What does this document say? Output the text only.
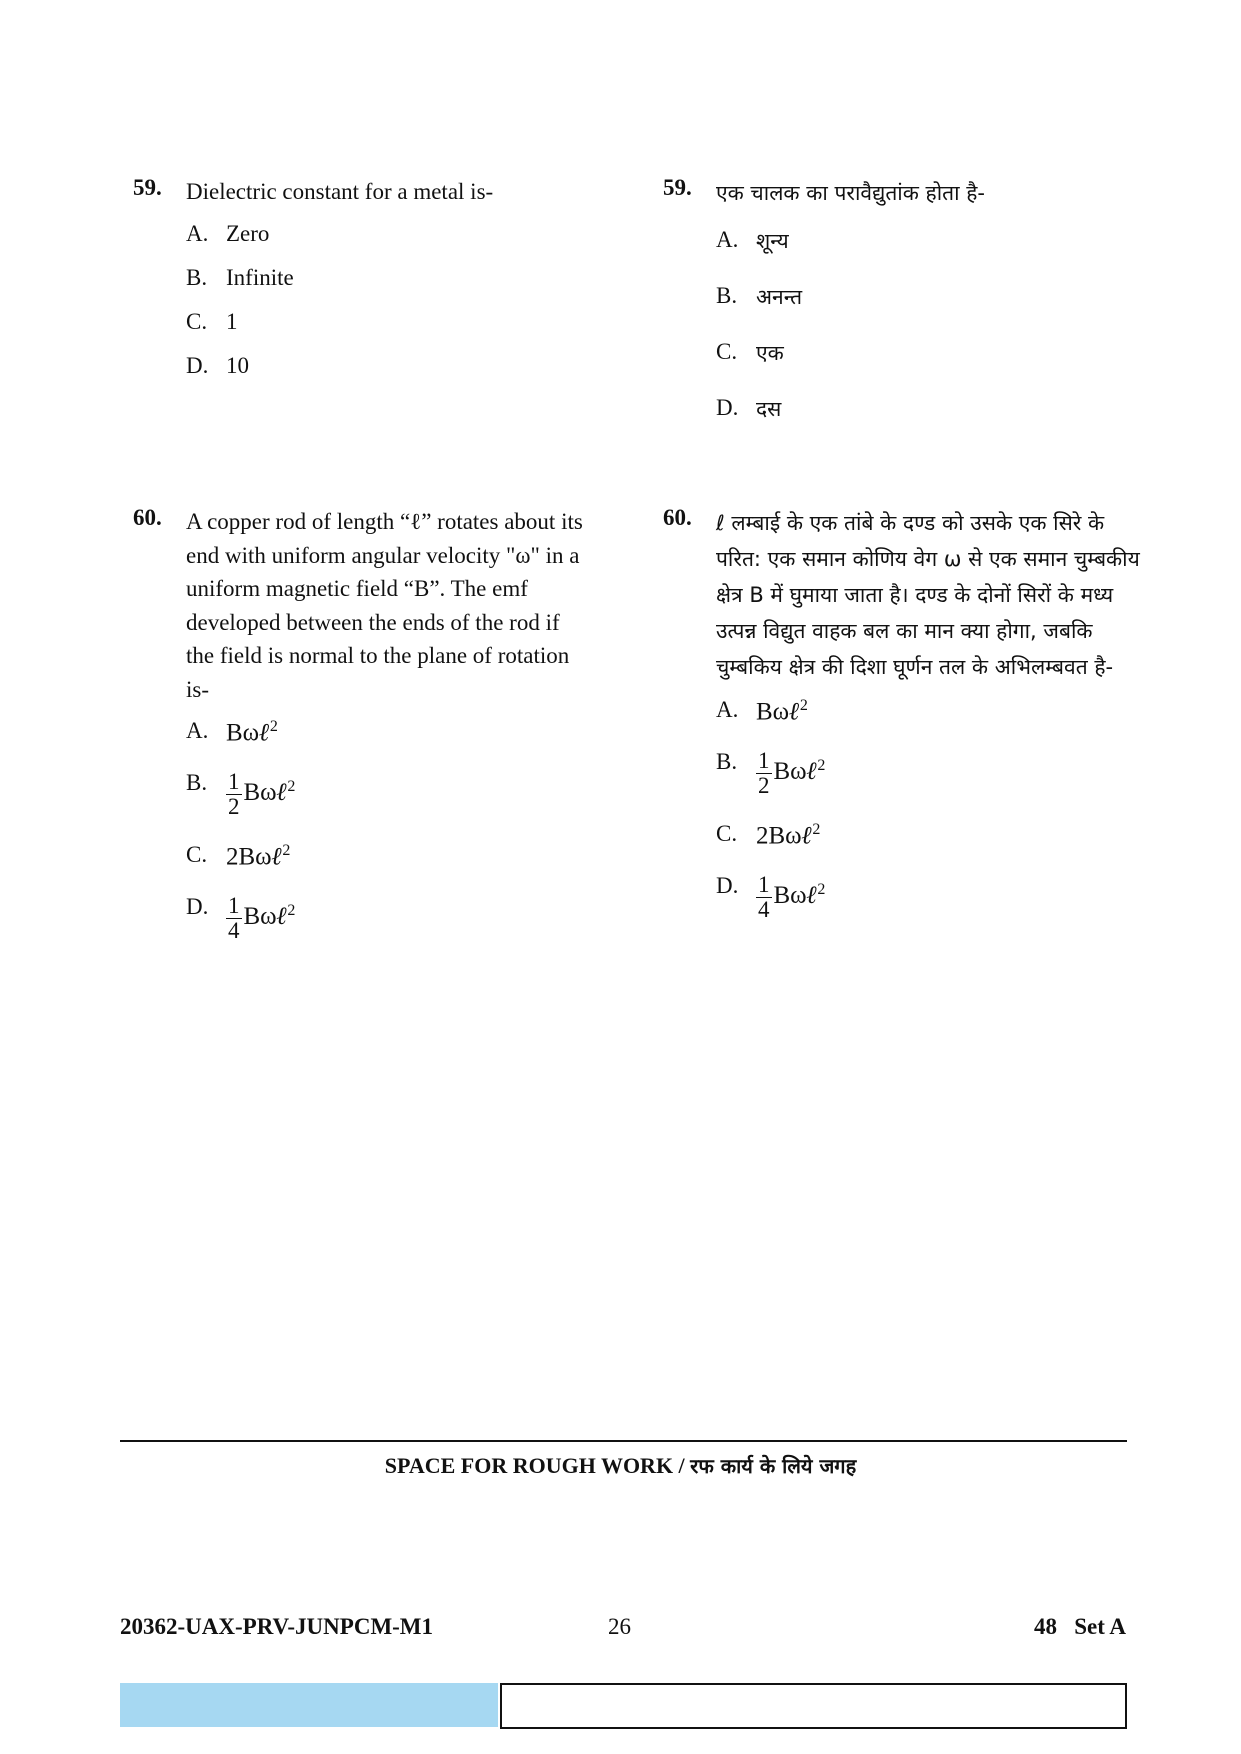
59. Dielectric constant for a metal is-

A. Zero
B. Infinite
C. 1
D. 10
60. A copper rod of length “ℓ” rotates about its end with uniform angular velocity "ω" in a uniform magnetic field “B”. The emf developed between the ends of the rod if the field is normal to the plane of rotation is-

A. Bωℓ$^2$
B. $\frac{1}{2}$ Bωℓ$^2$
C. 2Bωℓ$^2$
D. $\frac{1}{4}$ Bωℓ$^2$
59. एक चालक का परावैद्युतांक होता है-

A. शून्य
B. अनन्त
C. एक
D. दस
60. ℓ लम्बाई के एक तांबे के दण्ड को उसके एक सिरे के परित: एक समान कोणिय वेग ω से एक समान चुम्बकीय क्षेत्र B में घुमाया जाता है। दण्ड के दोनों सिरों के मध्य उत्पन्न विद्युत वाहक बल का मान क्या होगा, जबकि चुम्बकिय क्षेत्र की दिशा घूर्णन तल के अभिलम्बवत है-

A. Bωℓ$^2$
B. $\frac{1}{2}$ Bωℓ$^2$
C. 2Bωℓ$^2$
D. $\frac{1}{4}$ Bωℓ$^2$
SPACE FOR ROUGH WORK / रफ कार्य के लिये जगह
20362-UAX-PRV-JUNPCM-M1	26	48   Set A
